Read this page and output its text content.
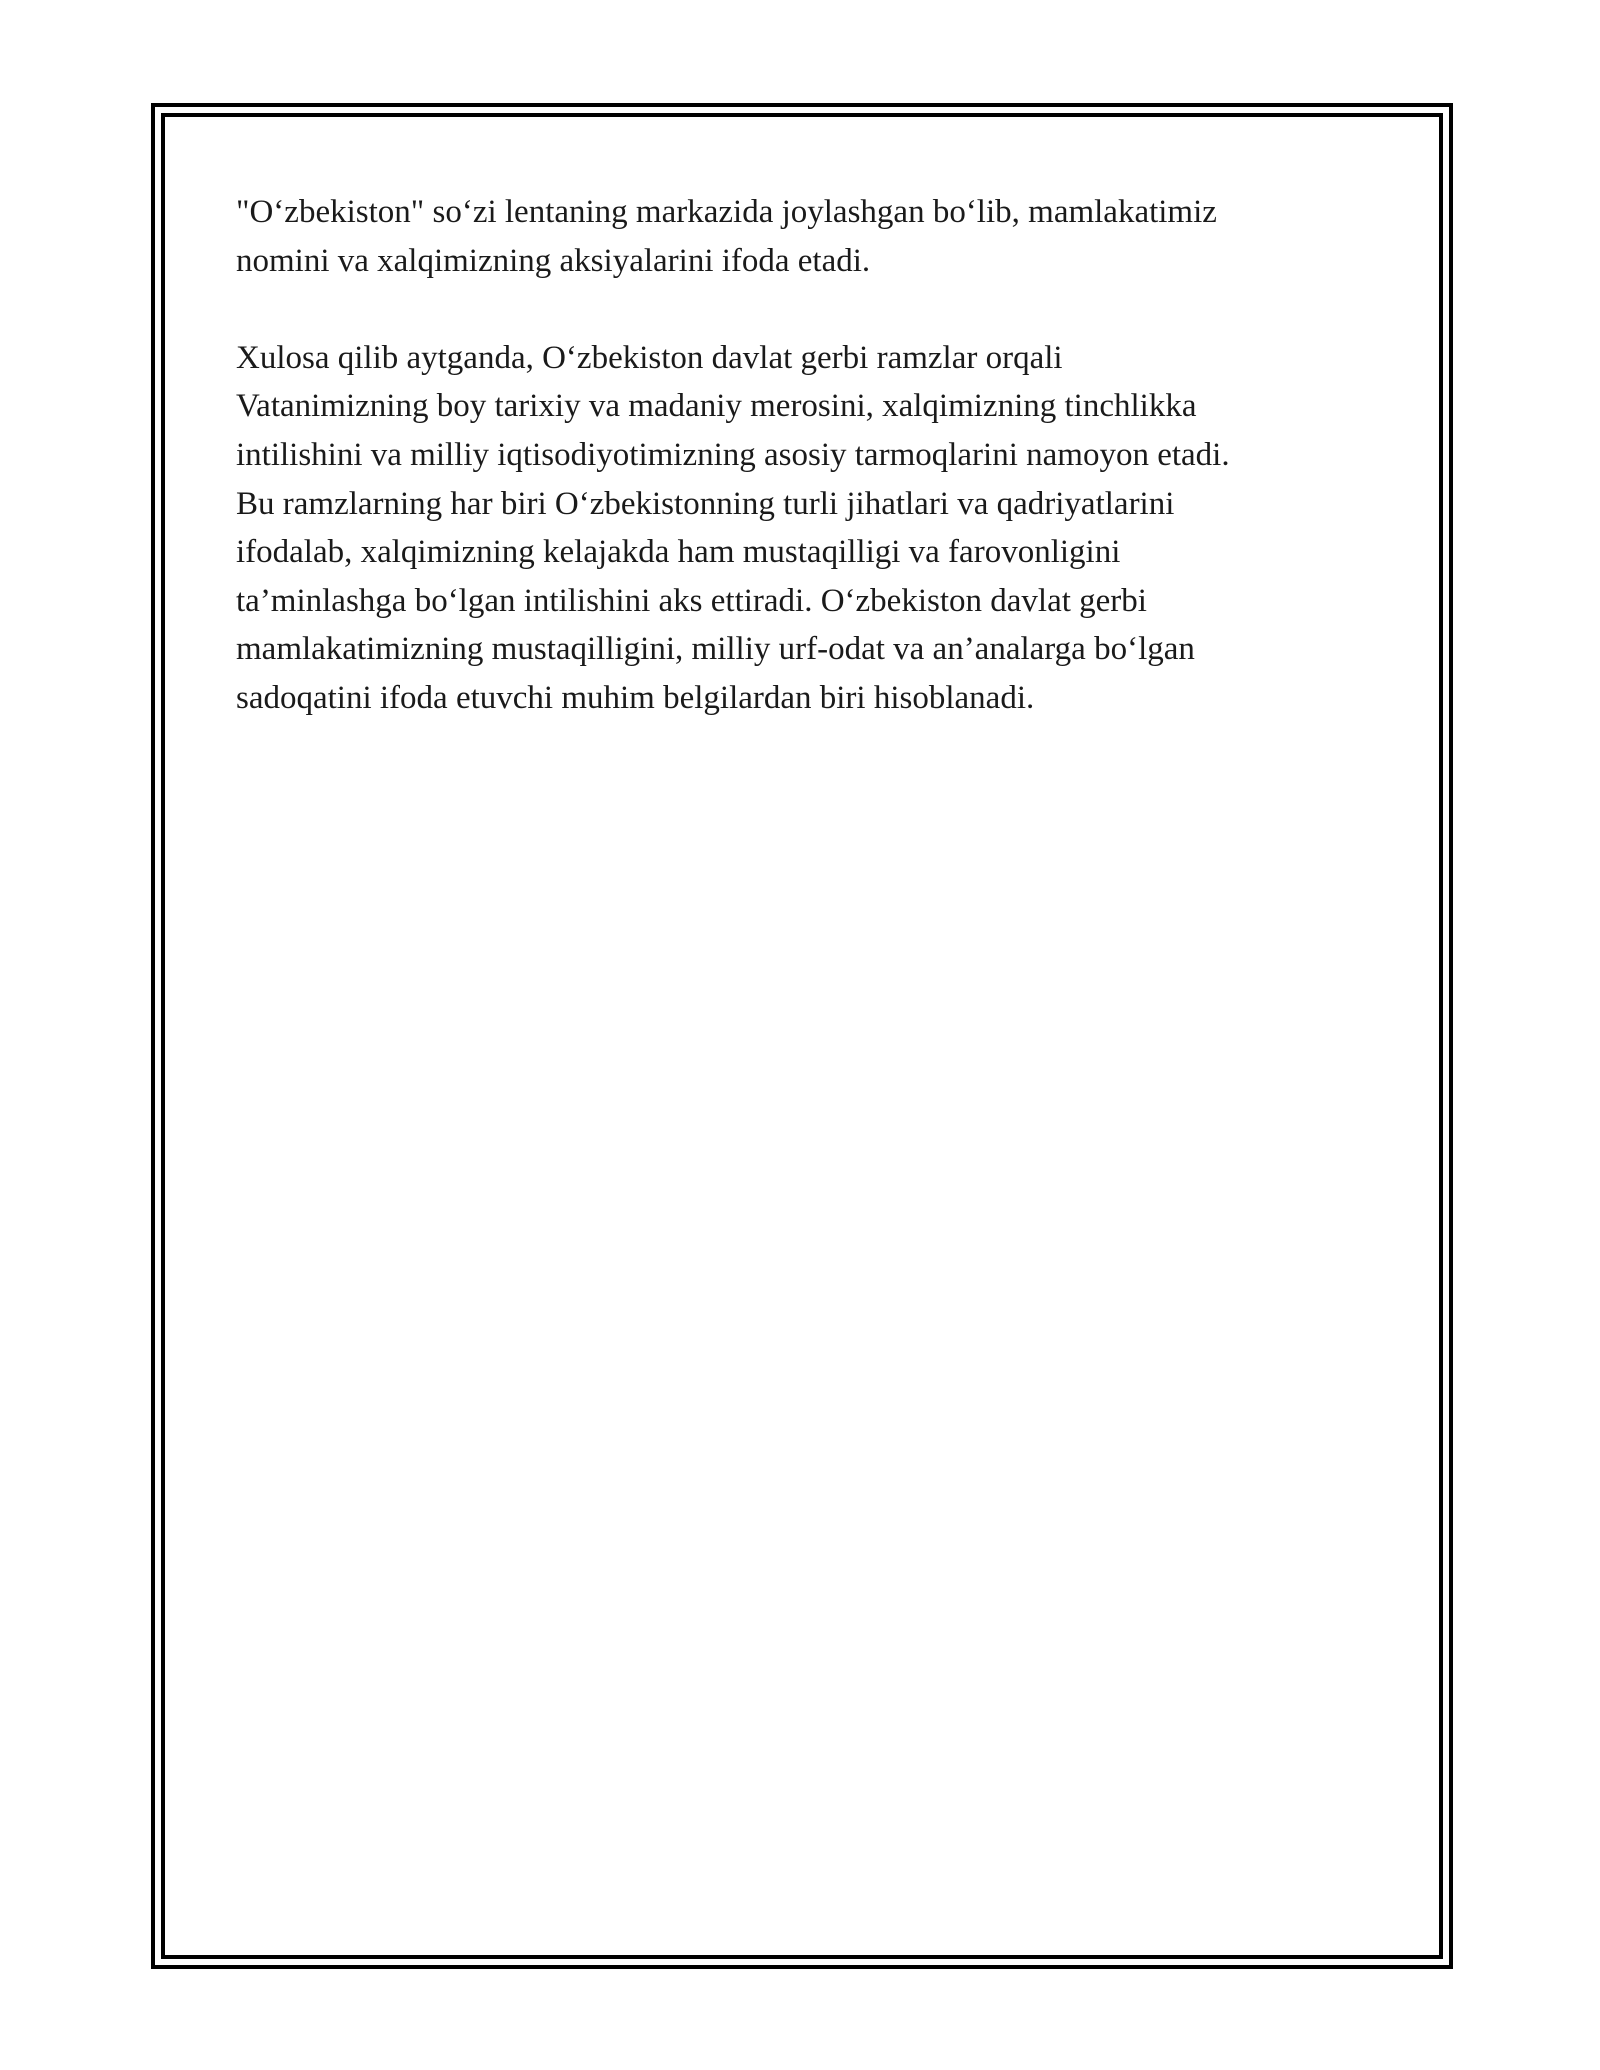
"O‘zbekiston" so‘zi lentaning markazida joylashgan bo‘lib, mamlakatimiz
nomini va xalqimizning aksiyalarini ifoda etadi.

Xulosa qilib aytganda, O‘zbekiston davlat gerbi ramzlar orqali
Vatanimizning boy tarixiy va madaniy merosini, xalqimizning tinchlikka
intilishini va milliy iqtisodiyotimizning asosiy tarmoqlarini namoyon etadi.
Bu ramzlarning har biri O‘zbekistonning turli jihatlari va qadriyatlarini
ifodalab, xalqimizning kelajakda ham mustaqilligi va farovonligini
ta’minlashga bo‘lgan intilishini aks ettiradi. O‘zbekiston davlat gerbi
mamlakatimizning mustaqilligini, milliy urf-odat va an’analarga bo‘lgan
sadoqatini ifoda etuvchi muhim belgilardan biri hisoblanadi.
